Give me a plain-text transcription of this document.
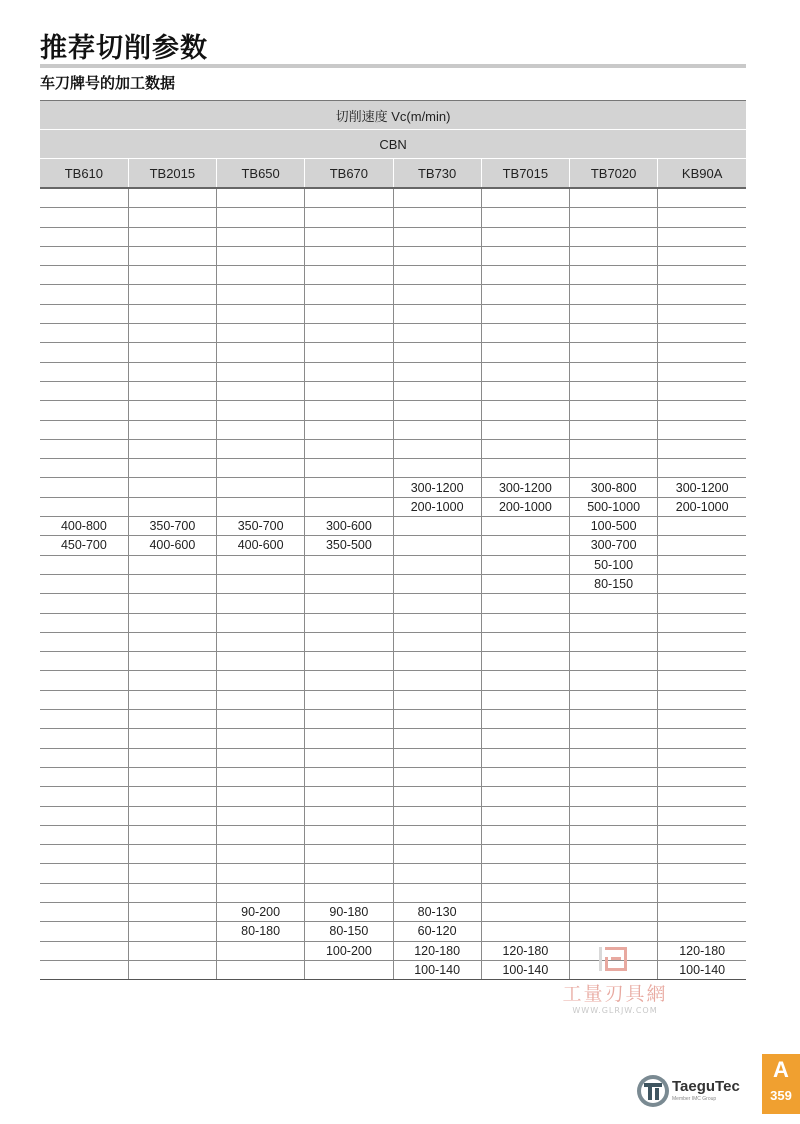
推荐切削参数
车刀牌号的加工数据
切削速度 Vc(m/min)							
CBN							
TB610	TB2015	TB650	TB670	TB730	TB7015	TB7020	KB90A

				300-1200	300-1200	300-800	300-1200
				200-1000	200-1000	500-1000	200-1000
400-800	350-700	350-700	300-600			100-500	
450-700	400-600	400-600	350-500			300-700	
						50-100	
						80-150	

		90-200	90-180	80-130			
		80-180	80-150	60-120			
			100-200	120-180	120-180		120-180
				100-140	100-140		100-140
工量刃具網
WWW.GLRJW.COM
TaeguTec
Member IMC Group
A
359
